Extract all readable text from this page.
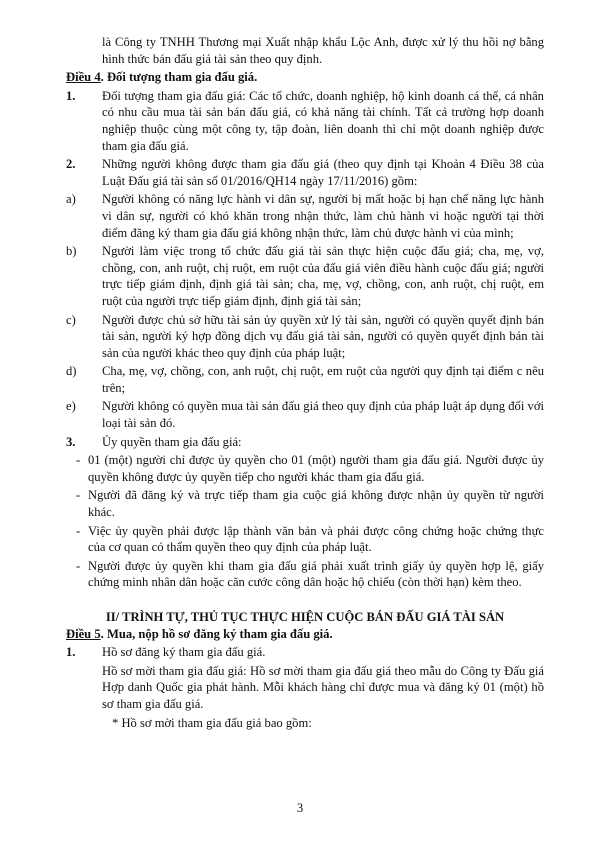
là Công ty TNHH Thương mại Xuất nhập khẩu Lộc Anh, được xử lý thu hồi nợ bằng hình thức bán đấu giá tài sản theo quy định.

Điều 4. Đối tượng tham gia đấu giá.

1.	Đối tượng tham gia đấu giá: Các tổ chức, doanh nghiệp, hộ kinh doanh cá thể, cá nhân có nhu cầu mua tài sản bán đấu giá, có khả năng tài chính. Tất cả trường hợp doanh nghiệp thuộc cùng một công ty, tập đoàn, liên doanh thì chỉ một doanh nghiệp được tham gia đấu giá.
2.	Những người không được tham gia đấu giá (theo quy định tại Khoản 4 Điều 38 của Luật Đấu giá tài sản số 01/2016/QH14 ngày 17/11/2016) gồm:
a)	Người không có năng lực hành vi dân sự, người bị mất hoặc bị hạn chế năng lực hành vi dân sự, người có khó khăn trong nhận thức, làm chủ hành vi hoặc người tại thời điểm đăng ký tham gia đấu giá không nhận thức, làm chủ được hành vi của mình;
b)	Người làm việc trong tổ chức đấu giá tài sản thực hiện cuộc đấu giá; cha, mẹ, vợ, chồng, con, anh ruột, chị ruột, em ruột của đấu giá viên điều hành cuộc đấu giá; người trực tiếp giám định, định giá tài sản; cha, mẹ, vợ, chồng, con, anh ruột, chị ruột, em ruột của người trực tiếp giám định, định giá tài sản;
c)	Người được chủ sở hữu tài sản ủy quyền xử lý tài sản, người có quyền quyết định bán tài sản, người ký hợp đồng dịch vụ đấu giá tài sản, người có quyền quyết định bán tài sản của người khác theo quy định của pháp luật;
d)	Cha, mẹ, vợ, chồng, con, anh ruột, chị ruột, em ruột của người quy định tại điểm c nêu trên;
e)	Người không có quyền mua tài sản đấu giá theo quy định của pháp luật áp dụng đối với loại tài sản đó.
3.	Ủy quyền tham gia đấu giá:
- 01 (một) người chỉ được ủy quyền cho 01 (một) người tham gia đấu giá. Người được ủy quyền không được ủy quyền tiếp cho người khác tham gia đấu giá.
- Người đã đăng ký và trực tiếp tham gia cuộc giá không được nhận ủy quyền từ người khác.
- Việc ủy quyền phải được lập thành văn bản và phải được công chứng hoặc chứng thực của cơ quan có thẩm quyền theo quy định của pháp luật.
- Người được ủy quyền khi tham gia đấu giá phải xuất trình giấy ủy quyền hợp lệ, giấy chứng minh nhân dân hoặc căn cước công dân hoặc hộ chiếu (còn thời hạn) kèm theo.

II/ TRÌNH TỰ, THỦ TỤC THỰC HIỆN CUỘC BÁN ĐẤU GIÁ TÀI SẢN

Điều 5. Mua, nộp hồ sơ đăng ký tham gia đấu giá.

1.	Hồ sơ đăng ký tham gia đấu giá.

Hồ sơ mời tham gia đấu giá: Hồ sơ mời tham gia đấu giá theo mẫu do Công ty Đấu giá Hợp danh Quốc gia phát hành. Mỗi khách hàng chỉ được mua và đăng ký 01 (một) hồ sơ tham gia đấu giá.

* Hồ sơ mời tham gia đấu giá bao gồm:

3
